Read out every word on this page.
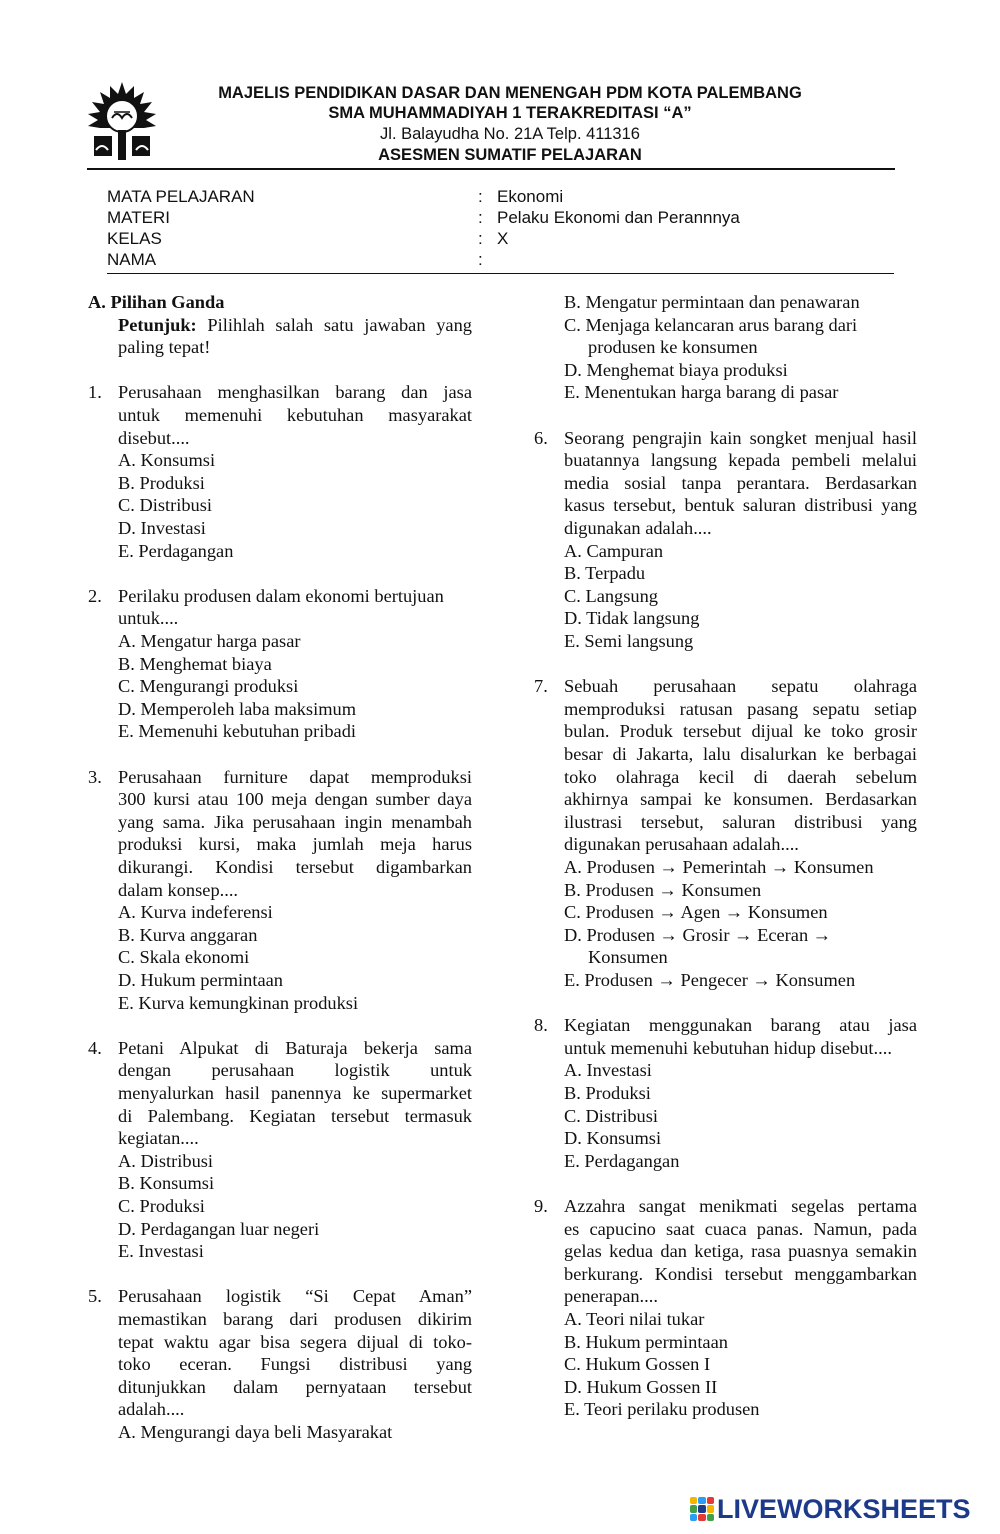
MAJELIS PENDIDIKAN DASAR DAN MENENGAH PDM KOTA PALEMBANG
SMA MUHAMMADIYAH 1 TERAKREDITASI “A”
Jl. Balayudha No. 21A Telp. 411316
ASESMEN SUMATIF PELAJARAN
MATA PELAJARAN	: Ekonomi
MATERI	: Pelaku Ekonomi dan Perannnya
KELAS	: X
NAMA	:
A. Pilihan Ganda
Petunjuk: Pilihlah salah satu jawaban yang
paling tepat!
1. Perusahaan menghasilkan barang dan jasa
untuk memenuhi kebutuhan masyarakat
disebut....
A. Konsumsi
B. Produksi
C. Distribusi
D. Investasi
E. Perdagangan
2. Perilaku produsen dalam ekonomi bertujuan
untuk....
A. Mengatur harga pasar
B. Menghemat biaya
C. Mengurangi produksi
D. Memperoleh laba maksimum
E. Memenuhi kebutuhan pribadi
3. Perusahaan furniture dapat memproduksi
300 kursi atau 100 meja dengan sumber daya
yang sama. Jika perusahaan ingin menambah
produksi kursi, maka jumlah meja harus
dikurangi. Kondisi tersebut digambarkan
dalam konsep....
A. Kurva indeferensi
B. Kurva anggaran
C. Skala ekonomi
D. Hukum permintaan
E. Kurva kemungkinan produksi
4. Petani Alpukat di Baturaja bekerja sama
dengan perusahaan logistik untuk
menyalurkan hasil panennya ke supermarket
di Palembang. Kegiatan tersebut termasuk
kegiatan....
A. Distribusi
B. Konsumsi
C. Produksi
D. Perdagangan luar negeri
E. Investasi
5. Perusahaan logistik “Si Cepat Aman”
memastikan barang dari produsen dikirim
tepat waktu agar bisa segera dijual di toko-
toko eceran. Fungsi distribusi yang
ditunjukkan dalam pernyataan tersebut
adalah....
A. Mengurangi daya beli Masyarakat
B. Mengatur permintaan dan penawaran
C. Menjaga kelancaran arus barang dari
produsen ke konsumen
D. Menghemat biaya produksi
E. Menentukan harga barang di pasar
6. Seorang pengrajin kain songket menjual hasil
buatannya langsung kepada pembeli melalui
media sosial tanpa perantara. Berdasarkan
kasus tersebut, bentuk saluran distribusi yang
digunakan adalah....
A. Campuran
B. Terpadu
C. Langsung
D. Tidak langsung
E. Semi langsung
7. Sebuah perusahaan sepatu olahraga
memproduksi ratusan pasang sepatu setiap
bulan. Produk tersebut dijual ke toko grosir
besar di Jakarta, lalu disalurkan ke berbagai
toko olahraga kecil di daerah sebelum
akhirnya sampai ke konsumen. Berdasarkan
ilustrasi tersebut, saluran distribusi yang
digunakan perusahaan adalah....
A. Produsen → Pemerintah → Konsumen
B. Produsen → Konsumen
C. Produsen → Agen → Konsumen
D. Produsen → Grosir → Eceran →
Konsumen
E. Produsen → Pengecer → Konsumen
8. Kegiatan menggunakan barang atau jasa
untuk memenuhi kebutuhan hidup disebut....
A. Investasi
B. Produksi
C. Distribusi
D. Konsumsi
E. Perdagangan
9. Azzahra sangat menikmati segelas pertama
es capucino saat cuaca panas. Namun, pada
gelas kedua dan ketiga, rasa puasnya semakin
berkurang. Kondisi tersebut menggambarkan
penerapan....
A. Teori nilai tukar
B. Hukum permintaan
C. Hukum Gossen I
D. Hukum Gossen II
E. Teori perilaku produsen
LIVEWORKSHEETS
